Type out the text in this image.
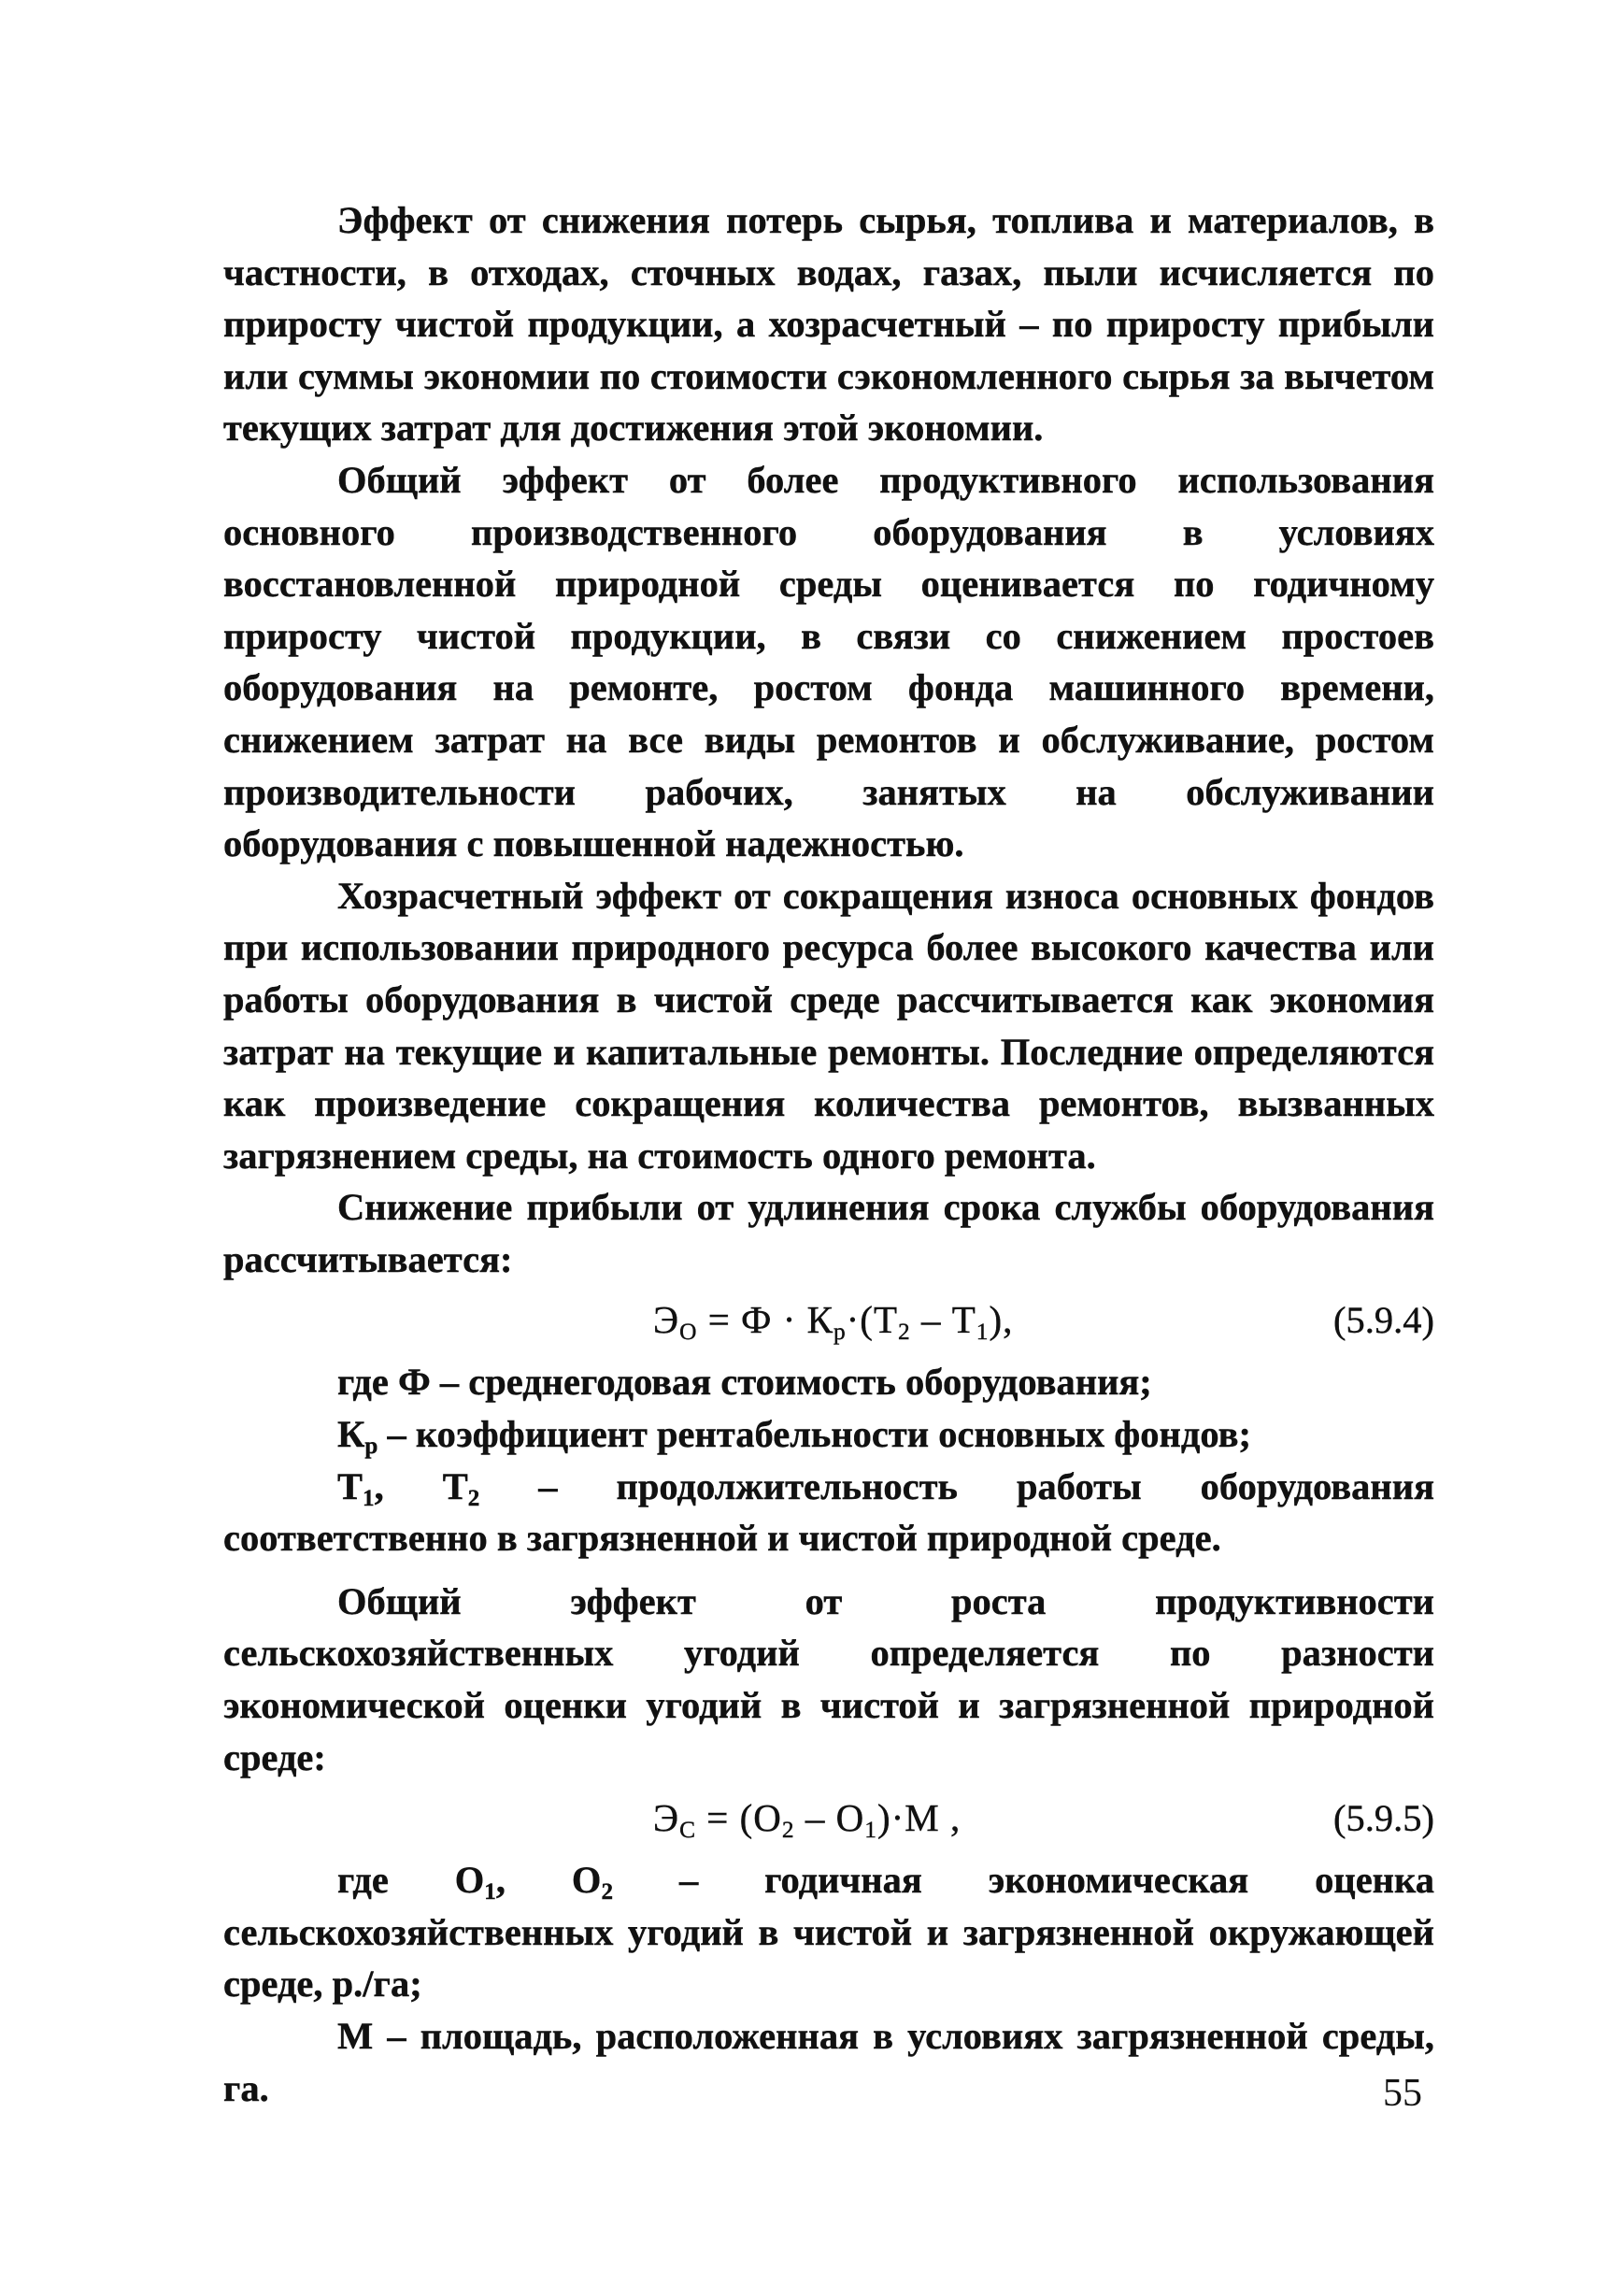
Эффект от снижения потерь сырья, топлива и материалов, в частности, в отходах, сточных водах, газах, пыли исчисляется по приросту чистой продукции, а хозрасчетный – по приросту прибыли или суммы экономии по стоимости сэкономленного сырья за вычетом текущих затрат для достижения этой экономии.

Общий эффект от более продуктивного использования основного производственного оборудования в условиях восстановленной природной среды оценивается по годичному приросту чистой продукции, в связи со снижением простоев оборудования на ремонте, ростом фонда машинного времени, снижением затрат на все виды ремонтов и обслуживание, ростом производительности рабочих, занятых на обслуживании оборудования с повышенной надежностью.

Хозрасчетный эффект от сокращения износа основных фондов при использовании природного ресурса более высокого качества или работы оборудования в чистой среде рассчитывается как экономия затрат на текущие и капитальные ремонты. Последние определяются как произведение сокращения количества ремонтов, вызванных загрязнением среды, на стоимость одного ремонта.

Снижение прибыли от удлинения срока службы оборудования рассчитывается:

$Э_О = Ф \cdot К_р\cdot(Т_2 - Т_1)$,	(5.9.4)

где Ф – среднегодовая стоимость оборудования;

$К_р$ – коэффициент рентабельности основных фондов;

$Т_1$, $Т_2$ – продолжительность работы оборудования соответственно в загрязненной и чистой природной среде.

Общий эффект от роста продуктивности сельскохозяйственных угодий определяется по разности экономической оценки угодий в чистой и загрязненной природной среде:

$Э_С = (О_2 - О_1)\cdot М$ ,	(5.9.5)

где $О_1$, $О_2$ – годичная экономическая оценка сельскохозяйственных угодий в чистой и загрязненной окружающей среде, р./га;

М – площадь, расположенная в условиях загрязненной среды, га.	55
